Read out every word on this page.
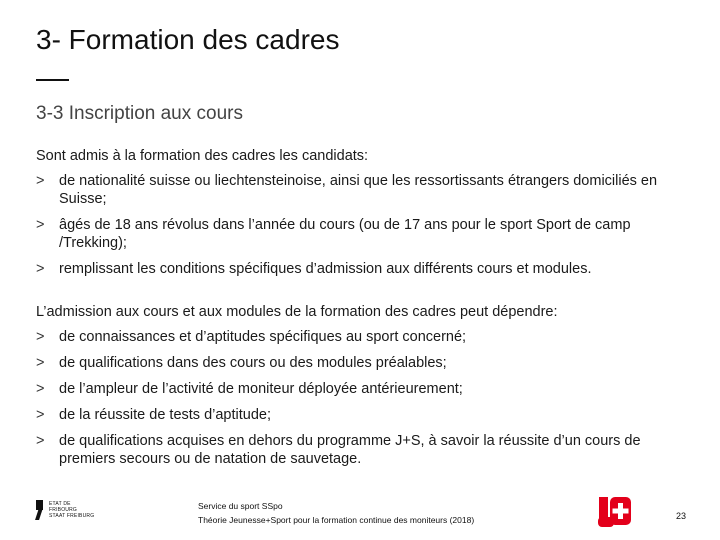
3- Formation des cadres
3-3 Inscription aux cours
Sont admis à la formation des cadres les candidats:
>	de nationalité suisse ou liechtensteinoise, ainsi que les ressortissants étrangers domiciliés en Suisse;
>	âgés de 18 ans révolus dans l’année du cours (ou de 17 ans pour le sport Sport de camp /Trekking);
>	remplissant les conditions spécifiques d’admission aux différents cours et modules.
L’admission aux cours et aux modules de la formation des cadres peut dépendre:
>	de connaissances et d’aptitudes spécifiques au sport concerné;
>	de qualifications dans des cours ou des modules préalables;
>	de l’ampleur de l’activité de moniteur déployée antérieurement;
>	de la réussite de tests d’aptitude;
>	de qualifications acquises en dehors du programme J+S, à savoir la réussite d’un cours de premiers secours ou de natation de sauvetage.
ETAT DE FRIBOURG
STAAT FREIBURG
Service du sport SSpo
Théorie Jeunesse+Sport pour la formation continue des moniteurs (2018)	23
